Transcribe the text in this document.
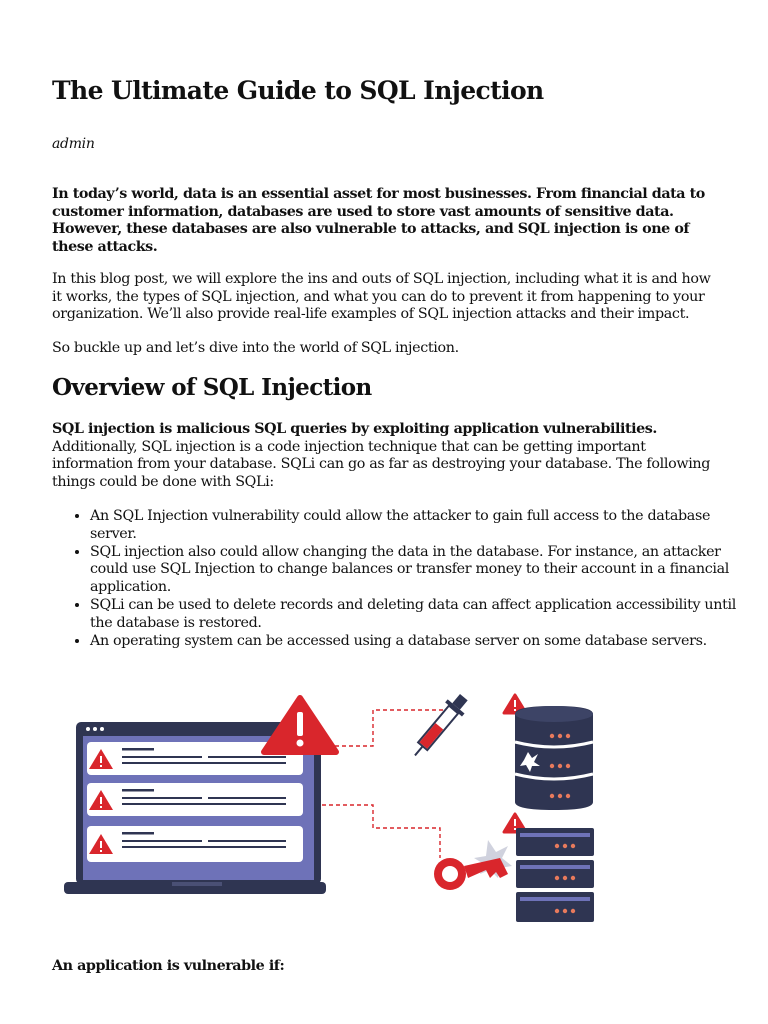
The Ultimate Guide to SQL Injection
admin

In today’s world, data is an essential asset for most businesses. From financial data to customer information, databases are used to store vast amounts of sensitive data. However, these databases are also vulnerable to attacks, and SQL injection is one of these attacks.

In this blog post, we will explore the ins and outs of SQL injection, including what it is and how it works, the types of SQL injection, and what you can do to prevent it from happening to your organization. We’ll also provide real-life examples of SQL injection attacks and their impact.

So buckle up and let’s dive into the world of SQL injection.

Overview of SQL Injection

SQL injection is malicious SQL queries by exploiting application vulnerabilities. Additionally, SQL injection is a code injection technique that can be getting important information from your database. SQLi can go as far as destroying your database. The following things could be done with SQLi:

• An SQL Injection vulnerability could allow the attacker to gain full access to the database server.
• SQL injection also could allow changing the data in the database. For instance, an attacker could use SQL Injection to change balances or transfer money to their account in a financial application.
• SQLi can be used to delete records and deleting data can affect application accessibility until the database is restored.
• An operating system can be accessed using a database server on some database servers.

An application is vulnerable if:
